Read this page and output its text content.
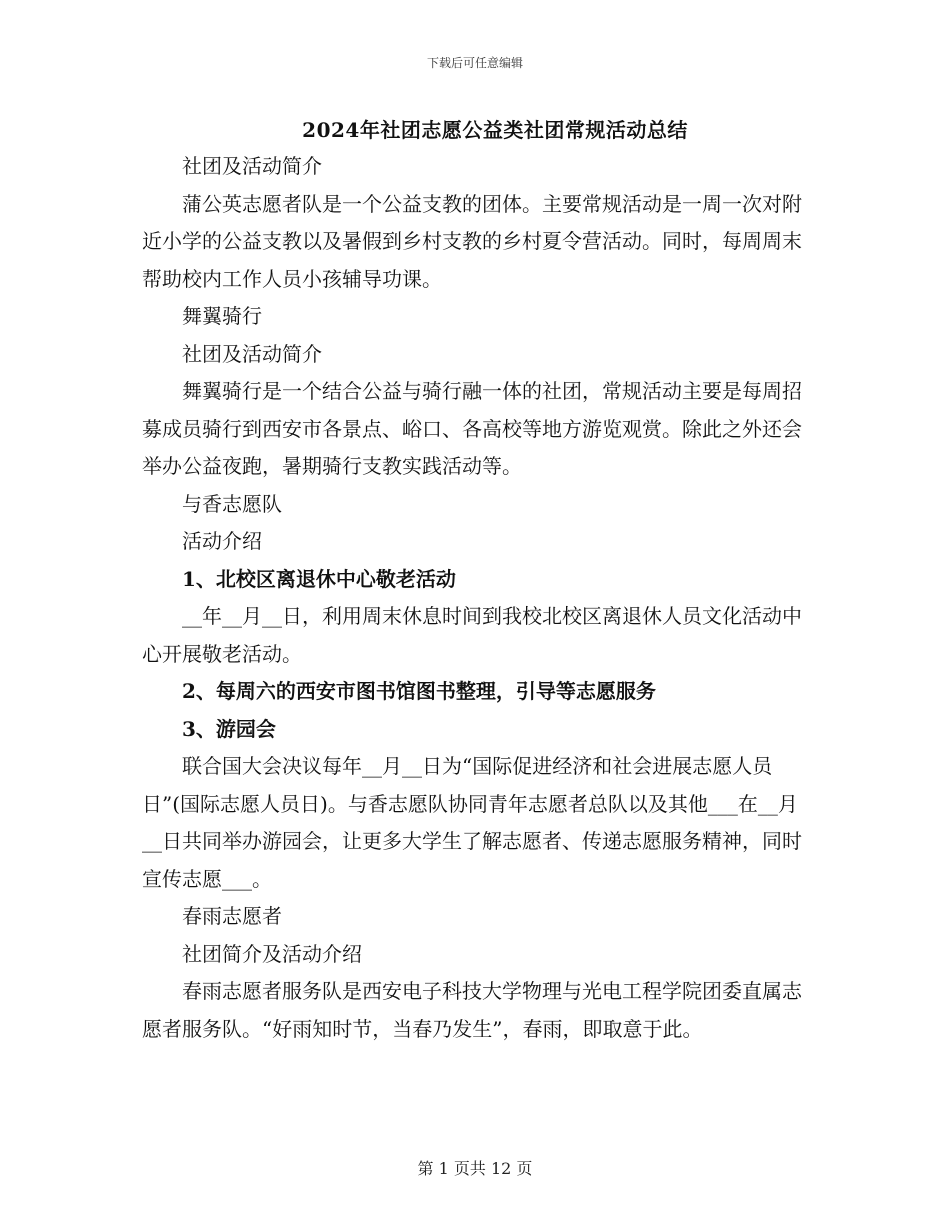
下载后可任意编辑
2024年社团志愿公益类社团常规活动总结

社团及活动简介

蒲公英志愿者队是一个公益支教的团体。主要常规活动是一周一次对附近小学的公益支教以及暑假到乡村支教的乡村夏令营活动。同时，每周周末帮助校内工作人员小孩辅导功课。

舞翼骑行

社团及活动简介

舞翼骑行是一个结合公益与骑行融一体的社团，常规活动主要是每周招募成员骑行到西安市各景点、峪口、各高校等地方游览观赏。除此之外还会举办公益夜跑，暑期骑行支教实践活动等。

与香志愿队

活动介绍

1、北校区离退休中心敬老活动

__年__月__日，利用周末休息时间到我校北校区离退休人员文化活动中心开展敬老活动。

2、每周六的西安市图书馆图书整理，引导等志愿服务

3、游园会

联合国大会决议每年__月__日为“国际促进经济和社会进展志愿人员日”(国际志愿人员日)。与香志愿队协同青年志愿者总队以及其他___在__月__日共同举办游园会，让更多大学生了解志愿者、传递志愿服务精神，同时宣传志愿___。

春雨志愿者

社团简介及活动介绍

春雨志愿者服务队是西安电子科技大学物理与光电工程学院团委直属志愿者服务队。“好雨知时节，当春乃发生”，春雨，即取意于此。

第 1 页共 12 页
